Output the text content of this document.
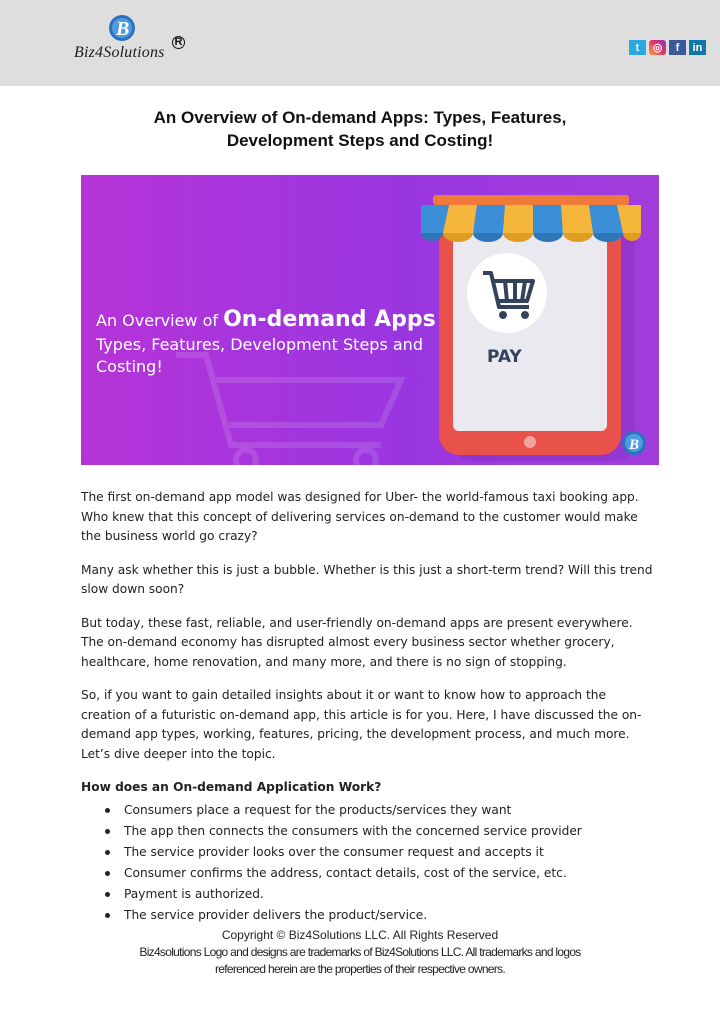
B
Biz4Solutions
R	t	◎	f	in
An Overview of On-demand Apps: Types, Features,
Development Steps and Costing!
B
PAY
An Overview of On-demand Apps
Types, Features, Development Steps and Costing!

The first on-demand app model was designed for Uber- the world-famous taxi booking app. Who knew that this concept of delivering services on-demand to the customer would make the business world go crazy?

Many ask whether this is just a bubble. Whether is this just a short-term trend? Will this trend slow down soon?

But today, these fast, reliable, and user-friendly on-demand apps are present everywhere. The on-demand economy has disrupted almost every business sector whether grocery, healthcare, home renovation, and many more, and there is no sign of stopping.

So, if you want to gain detailed insights about it or want to know how to approach the creation of a futuristic on-demand app, this article is for you. Here, I have discussed the on-demand app types, working, features, pricing, the development process, and much more. Let’s dive deeper into the topic.

How does an On-demand Application Work?
Consumers place a request for the products/services they want
The app then connects the consumers with the concerned service provider
The service provider looks over the consumer request and accepts it
Consumer confirms the address, contact details, cost of the service, etc.
Payment is authorized.
The service provider delivers the product/service.
Copyright © Biz4Solutions LLC. All Rights Reserved
Biz4solutions Logo and designs are trademarks of Biz4Solutions LLC. All trademarks and logos
referenced herein are the properties of their respective owners.
